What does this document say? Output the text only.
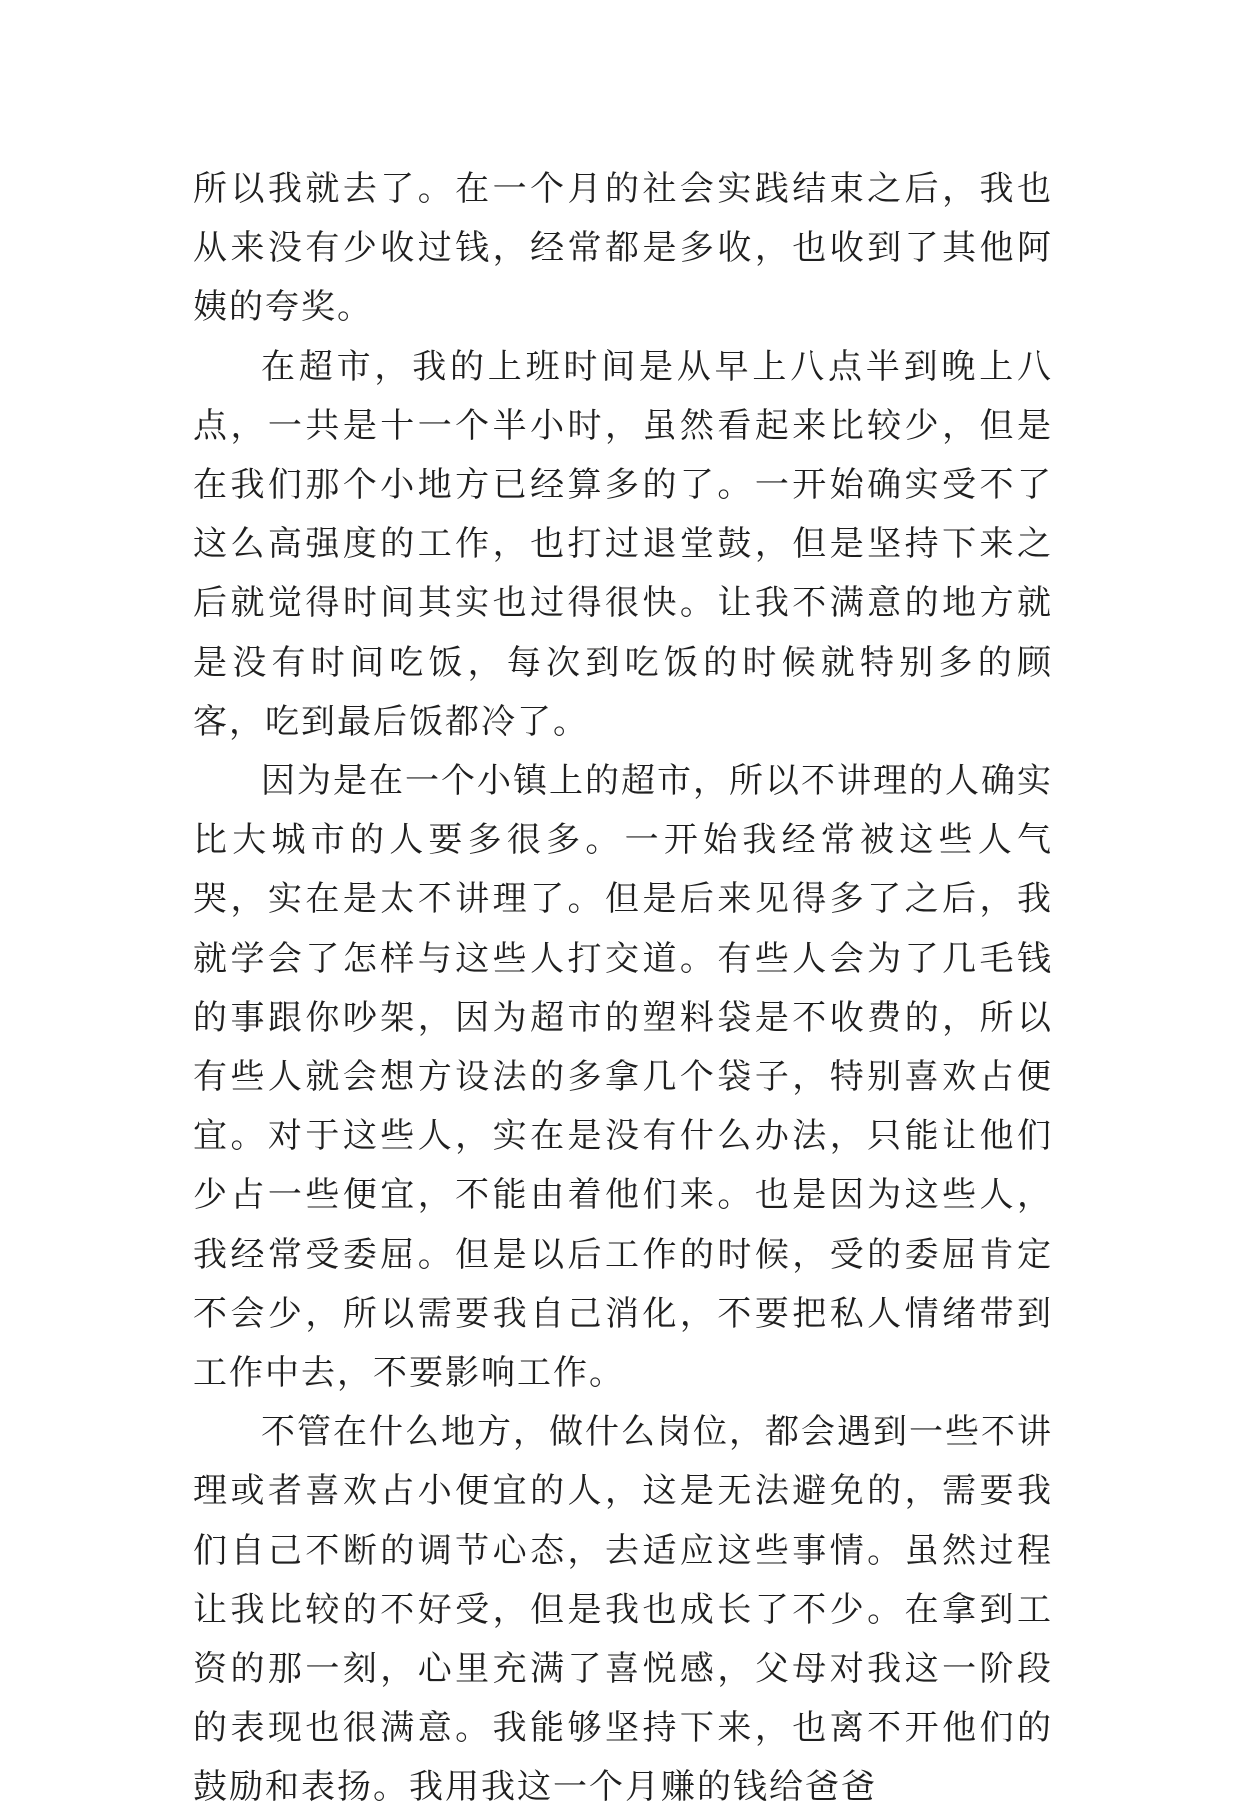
所以我就去了。在一个月的社会实践结束之后，我也从来没有少收过钱，经常都是多收，也收到了其他阿姨的夸奖。

在超市，我的上班时间是从早上八点半到晚上八点，一共是十一个半小时，虽然看起来比较少，但是在我们那个小地方已经算多的了。一开始确实受不了这么高强度的工作，也打过退堂鼓，但是坚持下来之后就觉得时间其实也过得很快。让我不满意的地方就是没有时间吃饭，每次到吃饭的时候就特别多的顾客，吃到最后饭都冷了。

因为是在一个小镇上的超市，所以不讲理的人确实比大城市的人要多很多。一开始我经常被这些人气哭，实在是太不讲理了。但是后来见得多了之后，我就学会了怎样与这些人打交道。有些人会为了几毛钱的事跟你吵架，因为超市的塑料袋是不收费的，所以有些人就会想方设法的多拿几个袋子，特别喜欢占便宜。对于这些人，实在是没有什么办法，只能让他们少占一些便宜，不能由着他们来。也是因为这些人，我经常受委屈。但是以后工作的时候，受的委屈肯定不会少，所以需要我自己消化，不要把私人情绪带到工作中去，不要影响工作。

不管在什么地方，做什么岗位，都会遇到一些不讲理或者喜欢占小便宜的人，这是无法避免的，需要我们自己不断的调节心态，去适应这些事情。虽然过程让我比较的不好受，但是我也成长了不少。在拿到工资的那一刻，心里充满了喜悦感，父母对我这一阶段的表现也很满意。我能够坚持下来，也离不开他们的鼓励和表扬。我用我这一个月赚的钱给爸爸
